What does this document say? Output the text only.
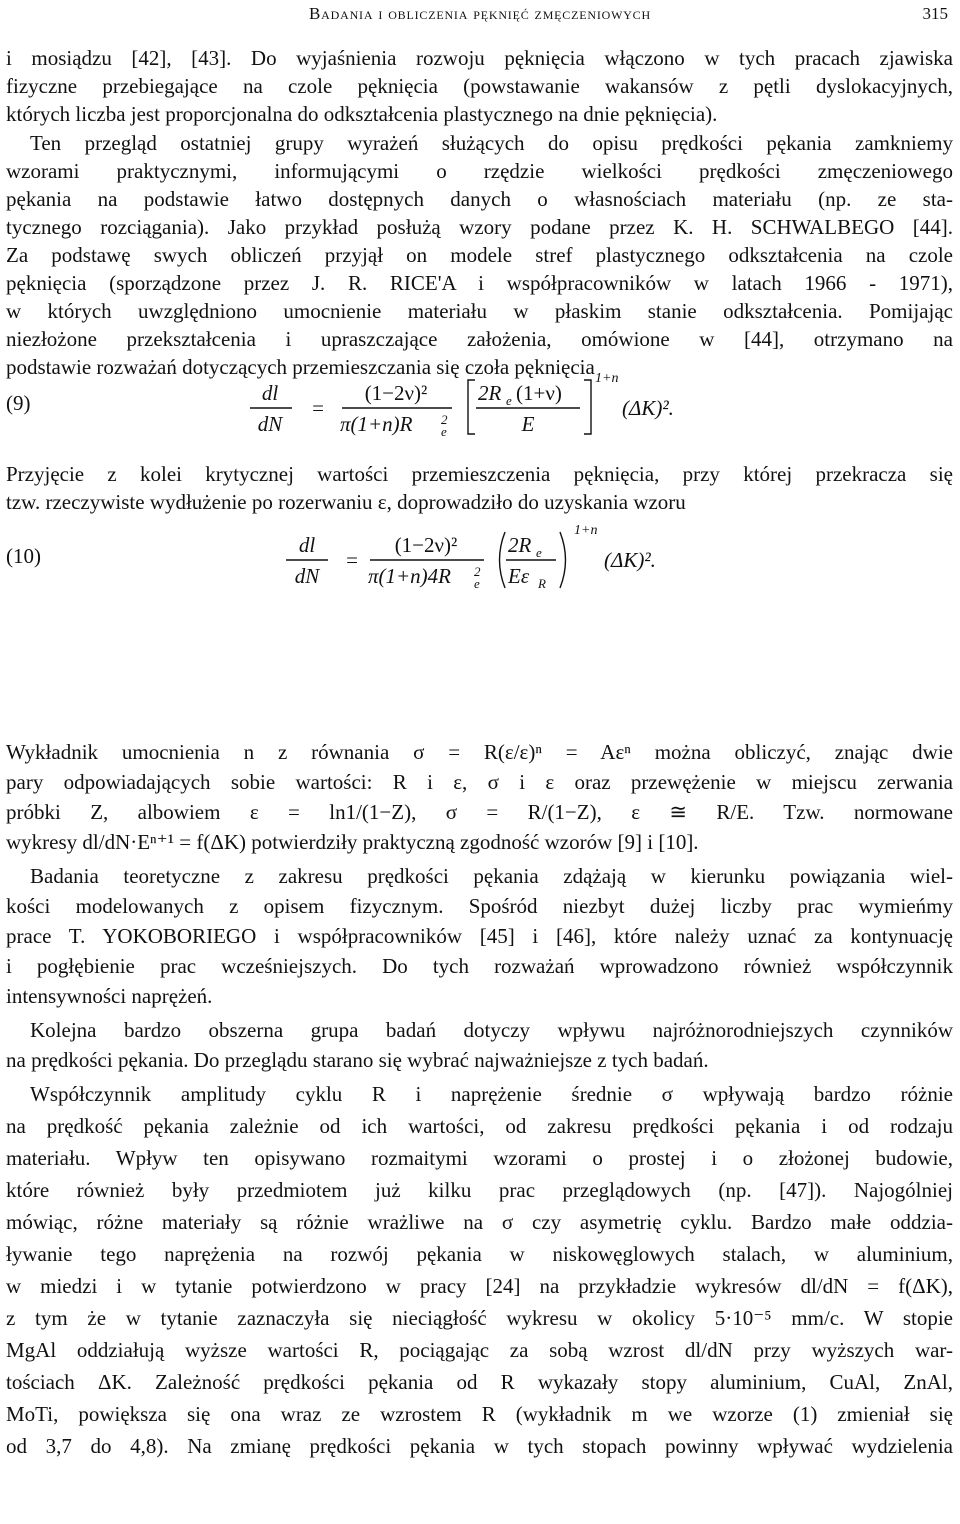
Badania i obliczenia pęknięć zmęczeniowych	315
i mosiądzu [42], [43]. Do wyjaśnienia rozwoju pęknięcia włączono w tych pracach zjawiska
fizyczne przebiegające na czole pęknięcia (powstawanie wakansów z pętli dyslokacyjnych,
których liczba jest proporcjonalna do odkształcenia plastycznego na dnie pęknięcia).
Ten przegląd ostatniej grupy wyrażeń służących do opisu prędkości pękania zamkniemy
wzorami praktycznymi, informującymi o rzędzie wielkości prędkości zmęczeniowego
pękania na podstawie łatwo dostępnych danych o własnościach materiału (np. ze sta-
tycznego rozciągania). Jako przykład posłużą wzory podane przez K. H. SCHWALBEGO [44].
Za podstawę swych obliczeń przyjął on modele stref plastycznego odkształcenia na czole
pęknięcia (sporządzone przez J. R. RICE'A i współpracowników w latach 1966 - 1971),
w których uwzględniono umocnienie materiału w płaskim stanie odkształcenia. Pomijając
niezłożone przekształcenia i upraszczające założenia, omówione w [44], otrzymano na
podstawie rozważań dotyczących przemieszczania się czoła pęknięcia
(9)	dl
dN
=
(1−2ν)²
π(1+n)R 2
e
2R e (1+ν)
E
1+n
(ΔK)².
Przyjęcie z kolei krytycznej wartości przemieszczenia pęknięcia, przy której przekracza się
tzw. rzeczywiste wydłużenie po rozerwaniu ε, doprowadziło do uzyskania wzoru
(10)	dl
dN
=
(1−2ν)²
π(1+n)4R 2
e
2R e
Eε R
1+n
(ΔK)².
Wykładnik umocnienia n z równania σ = R(ε/ε)ⁿ = Aεⁿ można obliczyć, znając dwie
pary odpowiadających sobie wartości: R i ε, σ i ε oraz przewężenie w miejscu zerwania
próbki Z, albowiem ε = ln1/(1−Z), σ = R/(1−Z), ε ≅ R/E. Tzw. normowane
wykresy dl/dN·Eⁿ⁺¹ = f(ΔK) potwierdziły praktyczną zgodność wzorów [9] i [10].
Badania teoretyczne z zakresu prędkości pękania zdążają w kierunku powiązania wiel-
kości modelowanych z opisem fizycznym. Spośród niezbyt dużej liczby prac wymieńmy
prace T. YOKOBORIEGO i współpracowników [45] i [46], które należy uznać za kontynuację
i pogłębienie prac wcześniejszych. Do tych rozważań wprowadzono również współczynnik
intensywności naprężeń.
Kolejna bardzo obszerna grupa badań dotyczy wpływu najróżnorodniejszych czynników
na prędkości pękania. Do przeglądu starano się wybrać najważniejsze z tych badań.
Współczynnik amplitudy cyklu R i naprężenie średnie σ wpływają bardzo różnie
na prędkość pękania zależnie od ich wartości, od zakresu prędkości pękania i od rodzaju
materiału. Wpływ ten opisywano rozmaitymi wzorami o prostej i o złożonej budowie,
które również były przedmiotem już kilku prac przeglądowych (np. [47]). Najogólniej
mówiąc, różne materiały są różnie wrażliwe na σ czy asymetrię cyklu. Bardzo małe oddzia-
ływanie tego naprężenia na rozwój pękania w niskowęglowych stalach, w aluminium,
w miedzi i w tytanie potwierdzono w pracy [24] na przykładzie wykresów dl/dN = f(ΔK),
z tym że w tytanie zaznaczyła się nieciągłość wykresu w okolicy 5·10⁻⁵ mm/c. W stopie
MgAl oddziałują wyższe wartości R, pociągając za sobą wzrost dl/dN przy wyższych war-
tościach ΔK. Zależność prędkości pękania od R wykazały stopy aluminium, CuAl, ZnAl,
MoTi, powiększa się ona wraz ze wzrostem R (wykładnik m we wzorze (1) zmieniał się
od 3,7 do 4,8). Na zmianę prędkości pękania w tych stopach powinny wpływać wydzielenia
